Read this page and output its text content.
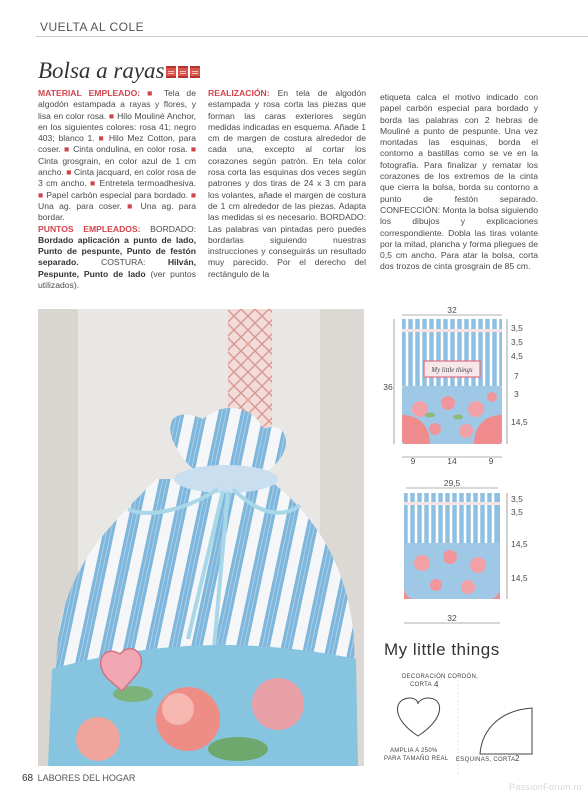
VUELTA AL COLE
Bolsa a rayas
MATERIAL EMPLEADO: ■ Tela de algodón estampada a rayas y flores, y lisa en color rosa. ■ Hilo Mouliné Anchor, en los siguientes colores: rosa 41; negro 403; blanco 1. ■ Hilo Mez Cotton, para coser. ■ Cinta ondulina, en color rosa. ■ Cinta grosgrain, en color azul de 1 cm ancho. ■ Cinta jacquard, en color rosa de 3 cm ancho. ■ Entretela termoadhesiva. ■ Papel carbón especial para bordado. ■ Una ag. para coser. ■ Una ag. para bordar.
PUNTOS EMPLEADOS: BORDADO: Bordado aplicación a punto de lado, Punto de pespunte, Punto de festón separado.	COSTURA:	Hilván, Pespunte, Punto de lado (ver puntos utilizados).
REALIZACIÓN: En tela de algodón estampada y rosa corta las piezas que forman las caras exteriores según medidas indicadas en esquema. Añade 1 cm de margen de costura alrededor de cada una, excepto al cortar los corazones según patrón. En tela color rosa corta las esquinas dos veces según patrones y dos tiras de 24 x 3 cm para los volantes, añade el margen de costura de 1 cm alrededor de las piezas. Adapta las medidas si es necesario. BORDADO: Las palabras van pintadas pero puedes bordarlas siguiendo nuestras instrucciones y conseguirás un resultado muy parecido. Por el derecho del rectángulo de la
etiqueta calca el motivo indicado con papel carbón especial para bordado y borda las palabras con 2 hebras de Mouliné a punto de pespunte. Una vez montadas las esquinas, borda el contorno a bastillas como se ve en la fotografía. Para finalizar y rematar los corazones de los extremos de la cinta que cierra la bolsa, borda su contorno a punto de festón separado. CONFECCIÓN: Monta la bolsa siguiendo los dibujos y explicaciones correspondiente. Dobla las tiras volante por la mitad, plancha y forma pliegues de 0,5 cm ancho. Para atar la bolsa, corta dos trozos de cinta grosgrain de 85 cm.
32
My little things
36
3,5
3,5
4,5
7
3
14,5
9	14	9
29,5
3,5
3,5
14,5
14,5
32
My little things
DECORACIÓN CORDÓN,
CORTA 4
ESQUINAS, CORTA 2
AMPLIA A 250%
PARA TAMAÑO REAL
68 LABORES DEL HOGAR
PassionForum.ru
